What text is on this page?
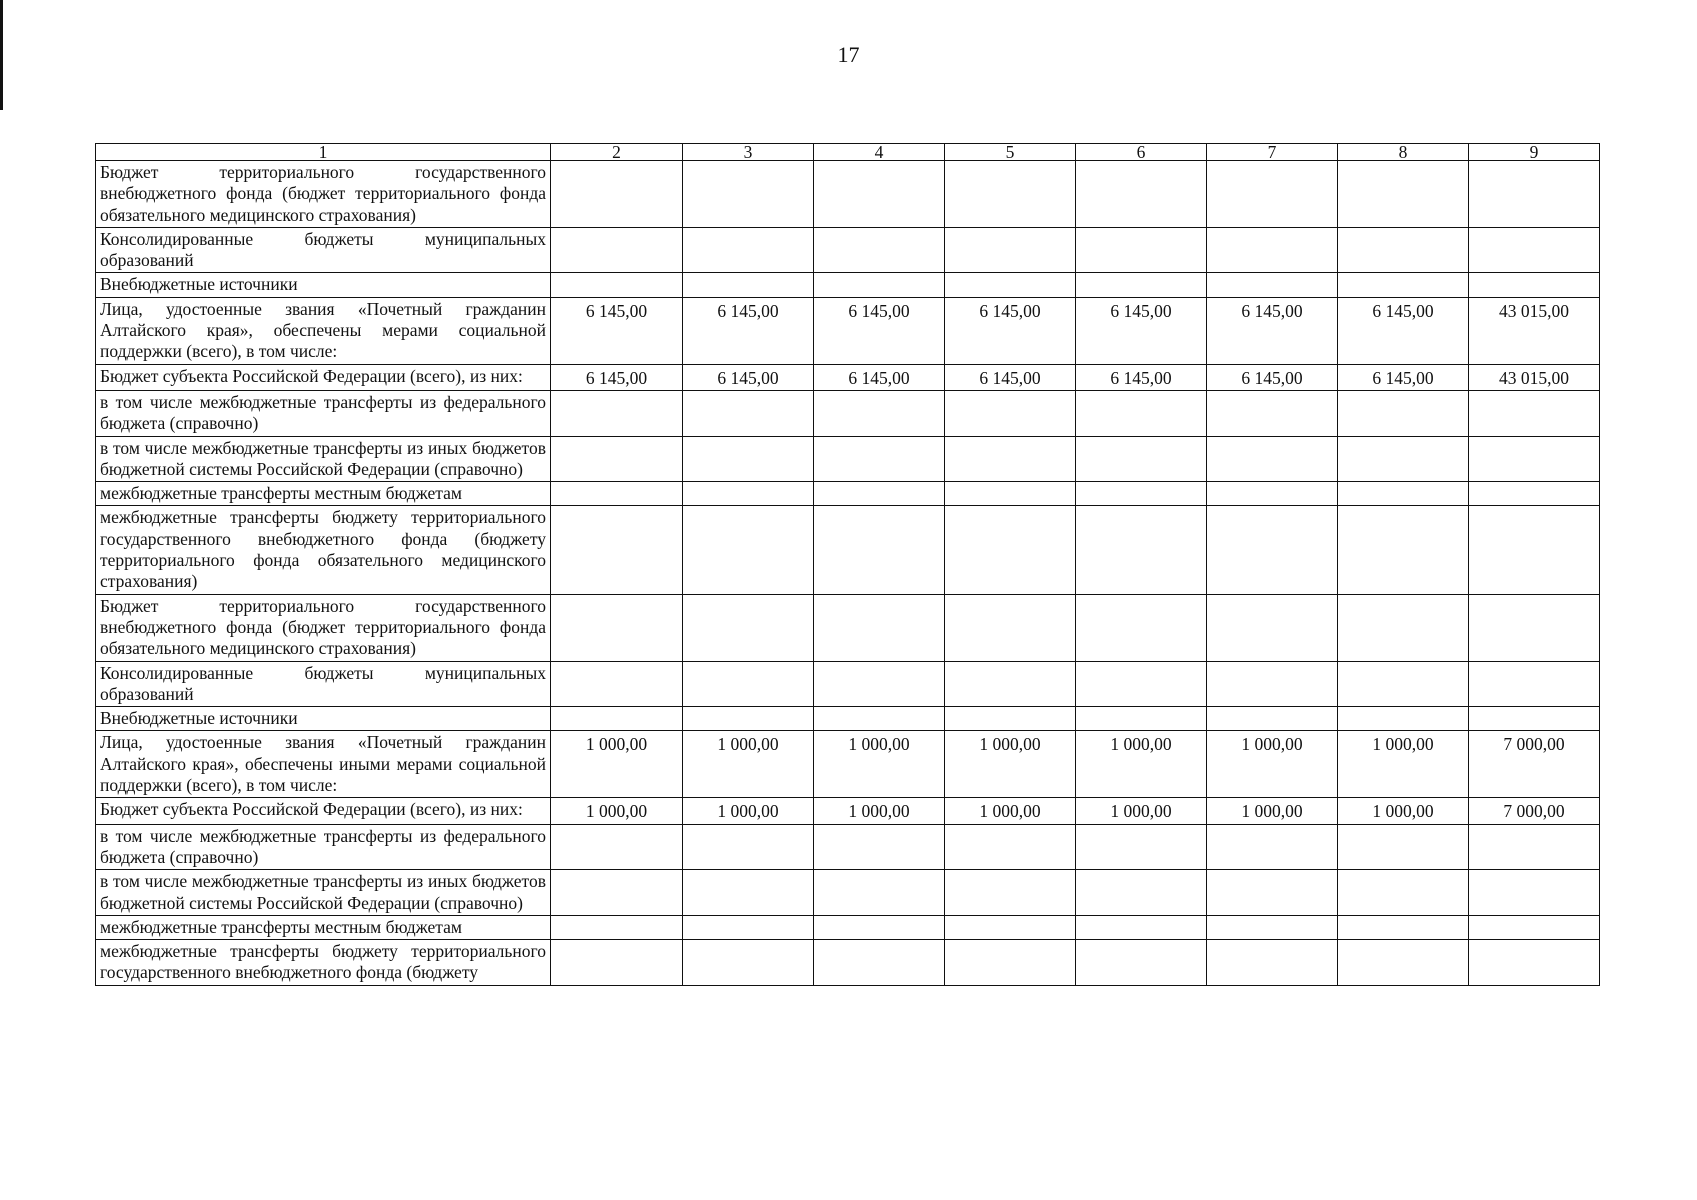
17
1	2	3	4	5	6	7	8	9
Бюджет территориального государственного внебюджетного фонда (бюджет территориального фонда обязательного медицинского страхования)								
Консолидированные бюджеты муниципальных образований								
Внебюджетные источники								
Лица, удостоенные звания «Почетный гражданин Алтайского края», обеспечены мерами социальной поддержки (всего), в том числе:	6 145,00	6 145,00	6 145,00	6 145,00	6 145,00	6 145,00	6 145,00	43 015,00
Бюджет субъекта Российской Федерации (всего), из них:	6 145,00	6 145,00	6 145,00	6 145,00	6 145,00	6 145,00	6 145,00	43 015,00
в том числе межбюджетные трансферты из федерального бюджета (справочно)								
в том числе межбюджетные трансферты из иных бюджетов бюджетной системы Российской Федерации (справочно)								
межбюджетные трансферты местным бюджетам								
межбюджетные трансферты бюджету территориального государственного внебюджетного фонда (бюджету территориального фонда обязательного медицинского страхования)								
Бюджет территориального государственного внебюджетного фонда (бюджет территориального фонда обязательного медицинского страхования)								
Консолидированные бюджеты муниципальных образований								
Внебюджетные источники								
Лица, удостоенные звания «Почетный гражданин Алтайского края», обеспечены иными мерами социальной поддержки (всего), в том числе:	1 000,00	1 000,00	1 000,00	1 000,00	1 000,00	1 000,00	1 000,00	7 000,00
Бюджет субъекта Российской Федерации (всего), из них:	1 000,00	1 000,00	1 000,00	1 000,00	1 000,00	1 000,00	1 000,00	7 000,00
в том числе межбюджетные трансферты из федерального бюджета (справочно)								
в том числе межбюджетные трансферты из иных бюджетов бюджетной системы Российской Федерации (справочно)								
межбюджетные трансферты местным бюджетам								
межбюджетные трансферты бюджету территориального государственного внебюджетного фонда (бюджету								
